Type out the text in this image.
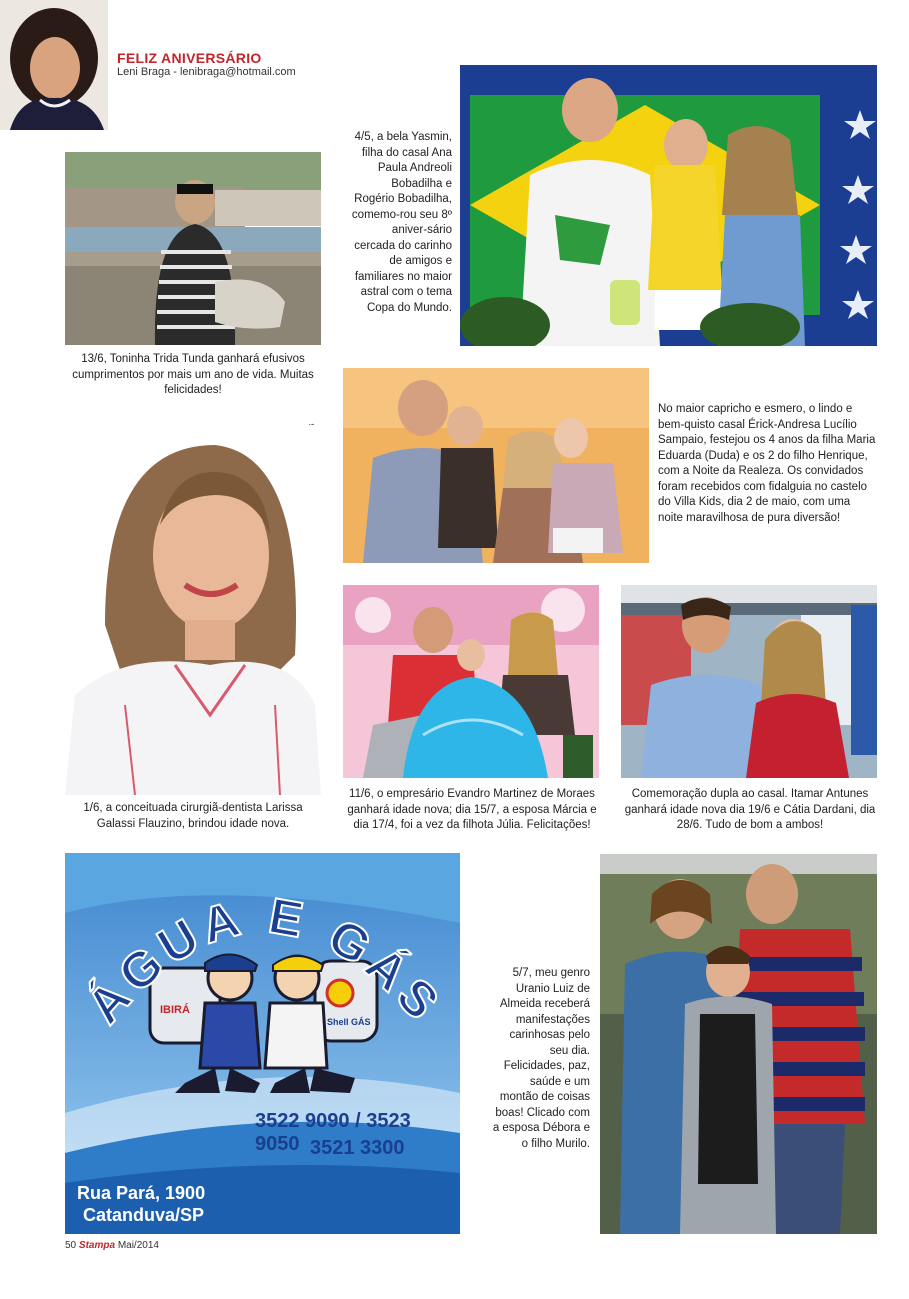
FELIZ ANIVERSÁRIO
Leni Braga - lenibraga@hotmail.com
4/5, a bela Yasmin, filha do casal Ana Paula Andreoli Bobadilha e Rogério Bobadilha, comemo-rou seu 8º aniver-sário cercada do carinho de amigos e familiares no maior astral com o tema Copa do Mundo.
13/6, Toninha Trida Tunda ganhará efusivos cumprimentos por mais um ano de vida. Muitas felicidades!
No maior capricho e esmero, o lindo e bem-quisto casal Érick-Andresa Lucílio Sampaio, festejou os 4 anos da filha Maria Eduarda (Duda) e os 2 do filho Henrique, com a Noite da Realeza. Os convidados foram recebidos com fidalguia no castelo do Villa Kids, dia 2 de maio, com uma noite maravilhosa de pura diversão!
1/6, a conceituada cirurgiã-dentista Larissa Galassi Flauzino, brindou idade nova.
11/6, o empresário Evandro Martinez de Moraes ganhará idade nova; dia 15/7, a esposa Márcia e dia 17/4, foi a vez da filhota Júlia. Felicitações!
Comemoração dupla ao casal. Itamar Antunes ganhará idade nova dia 19/6 e Cátia Dardani, dia 28/6. Tudo de bom a ambos!
IBIRÁ
Shell GÁS
ÁGUA E GÁS
3522 9090 / 3523 9050 3521 3300
Rua Pará, 1900
Catanduva/SP
5/7, meu genro Uranio Luiz de Almeida receberá manifestações carinhosas pelo seu dia. Felicidades, paz, saúde e um montão de coisas boas! Clicado com a esposa Débora e o filho Murilo.
50 Stampa Mai/2014
